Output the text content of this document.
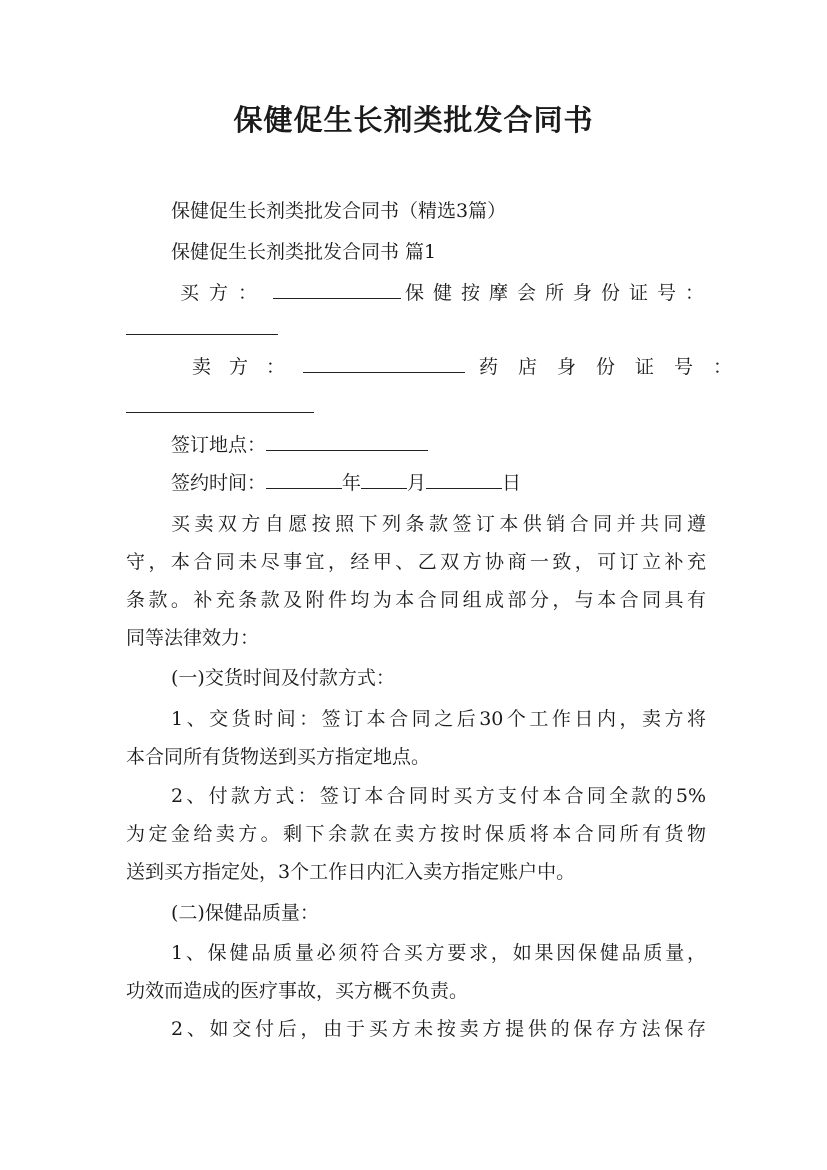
保健促生长剂类批发合同书
保健促生长剂类批发合同书（精选3篇）
保健促生长剂类批发合同书 篇1
买方：	保健按摩会所身份证号：
卖方：	药店身份证号：
签订地点：
签约时间：	年 月	日
买卖双方自愿按照下列条款签订本供销合同并共同遵
守，本合同未尽事宜，经甲、乙双方协商一致，可订立补充
条款。补充条款及附件均为本合同组成部分，与本合同具有
同等法律效力：
(一)交货时间及付款方式：
1、交货时间：签订本合同之后30个工作日内，卖方将
本合同所有货物送到买方指定地点。
2、付款方式：签订本合同时买方支付本合同全款的5%
为定金给卖方。剩下余款在卖方按时保质将本合同所有货物
送到买方指定处，3个工作日内汇入卖方指定账户中。
(二)保健品质量：
1、保健品质量必须符合买方要求，如果因保健品质量，
功效而造成的医疗事故，买方概不负责。
2、如交付后，由于买方未按卖方提供的保存方法保存
